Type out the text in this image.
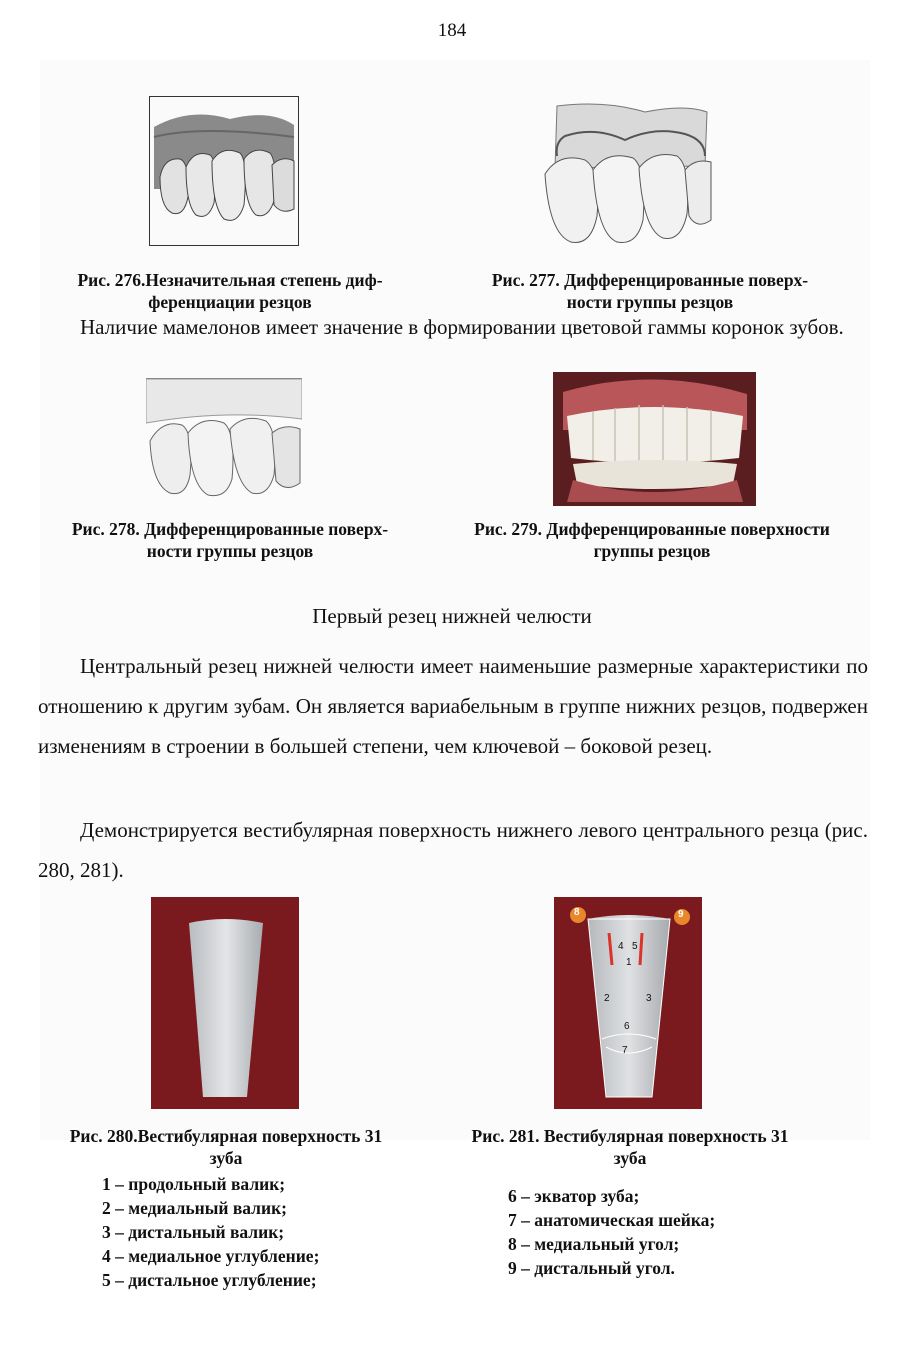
184
Рис. 276.Незначительная степень диф-
ференциации резцов
Рис. 277. Дифференцированные поверх-
ности группы резцов
Наличие мамелонов имеет значение в формировании цветовой гаммы коронок зубов.
Рис. 278. Дифференцированные поверх-
ности группы резцов
Рис. 279. Дифференцированные поверхности
группы резцов
Первый резец нижней челюсти
Центральный резец нижней челюсти имеет наименьшие размерные характеристики по отношению к другим зубам. Он является вариабельным в группе нижних резцов, подвержен изменениям в строении в большей степени, чем ключевой – боковой резец.
Демонстрируется вестибулярная поверхность нижнего левого центрального резца (рис. 280, 281).
Рис. 280.Вестибулярная поверхность 31
зуба
8	9
4 5
1
2	3
6
7
Рис. 281. Вестибулярная поверхность 31
зуба
1 – продольный валик;
2 – медиальный валик;
3 – дистальный валик;
4 – медиальное углубление;
5 – дистальное углубление;
6 – экватор зуба;
7 – анатомическая шейка;
8 – медиальный угол;
9 – дистальный угол.
